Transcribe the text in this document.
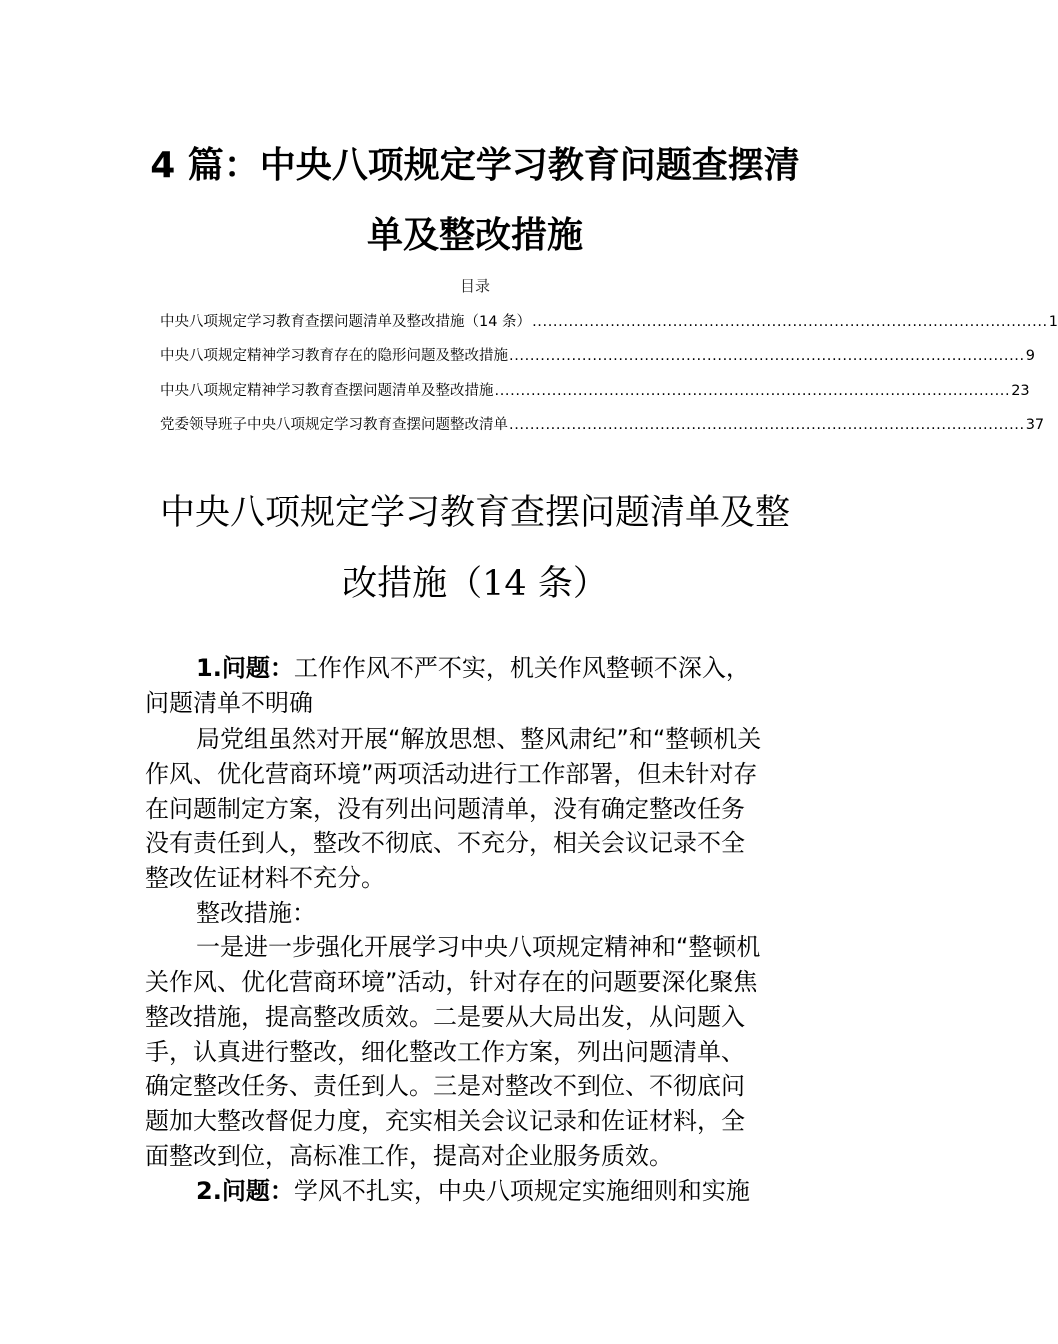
4 篇：中央八项规定学习教育问题查摆清
单及整改措施
目录
中央八项规定学习教育查摆问题清单及整改措施（14 条） ................................................................................................... 1
中央八项规定精神学习教育存在的隐形问题及整改措施 ................................................................................................... 9
中央八项规定精神学习教育查摆问题清单及整改措施 ................................................................................................... 23
党委领导班子中央八项规定学习教育查摆问题整改清单 ................................................................................................... 37
中央八项规定学习教育查摆问题清单及整
改措施（14 条）
1.问题：工作作风不严不实，机关作风整顿不深入，
问题清单不明确
局党组虽然对开展“解放思想、整风肃纪”和“整顿机关
作风、优化营商环境”两项活动进行工作部署，但未针对存
在问题制定方案，没有列出问题清单，没有确定整改任务
没有责任到人，整改不彻底、不充分，相关会议记录不全
整改佐证材料不充分。
整改措施：
一是进一步强化开展学习中央八项规定精神和“整顿机
关作风、优化营商环境”活动，针对存在的问题要深化聚焦
整改措施，提高整改质效。二是要从大局出发，从问题入
手，认真进行整改，细化整改工作方案，列出问题清单、
确定整改任务、责任到人。三是对整改不到位、不彻底问
题加大整改督促力度，充实相关会议记录和佐证材料，全
面整改到位，高标准工作，提高对企业服务质效。
2.问题：学风不扎实，中央八项规定实施细则和实施
